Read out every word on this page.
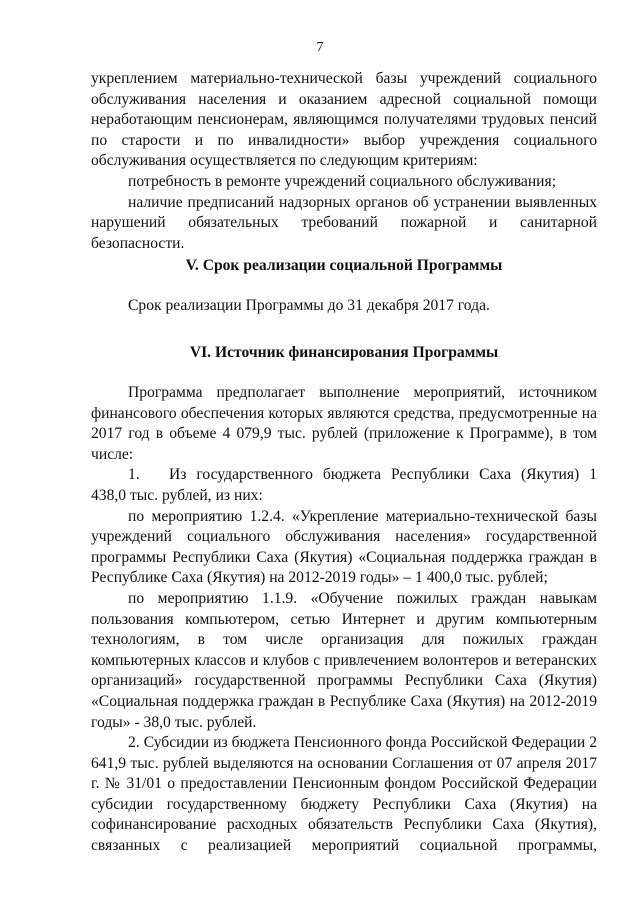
7

укреплением материально-технической базы учреждений социального обслуживания населения и оказанием адресной социальной помощи неработающим пенсионерам, являющимся получателями трудовых пенсий по старости и по инвалидности» выбор учреждения социального обслуживания осуществляется по следующим критериям:

потребность в ремонте учреждений социального обслуживания;

наличие предписаний надзорных органов об устранении выявленных нарушений обязательных требований пожарной и санитарной безопасности.

V. Срок реализации социальной Программы

Срок реализации Программы до 31 декабря 2017 года.

VI. Источник финансирования Программы

Программа предполагает выполнение мероприятий, источником финансового обеспечения которых являются средства, предусмотренные на 2017 год в объеме 4 079,9 тыс. рублей (приложение к Программе), в том числе:

1. Из государственного бюджета Республики Саха (Якутия) 1 438,0 тыс. рублей, из них:

по мероприятию 1.2.4. «Укрепление материально-технической базы учреждений социального обслуживания населения» государственной программы Республики Саха (Якутия) «Социальная поддержка граждан в Республике Саха (Якутия) на 2012-2019 годы» – 1 400,0 тыс. рублей;

по мероприятию 1.1.9. «Обучение пожилых граждан навыкам пользования компьютером, сетью Интернет и другим компьютерным технологиям, в том числе организация для пожилых граждан компьютерных классов и клубов с привлечением волонтеров и ветеранских организаций» государственной программы Республики Саха (Якутия) «Социальная поддержка граждан в Республике Саха (Якутия) на 2012-2019 годы» - 38,0 тыс. рублей.

2. Субсидии из бюджета Пенсионного фонда Российской Федерации 2 641,9 тыс. рублей выделяются на основании Соглашения от 07 апреля 2017 г. № 31/01 о предоставлении Пенсионным фондом Российской Федерации субсидии государственному бюджету Республики Саха (Якутия) на софинансирование расходных обязательств Республики Саха (Якутия), связанных с реализацией мероприятий социальной программы,
